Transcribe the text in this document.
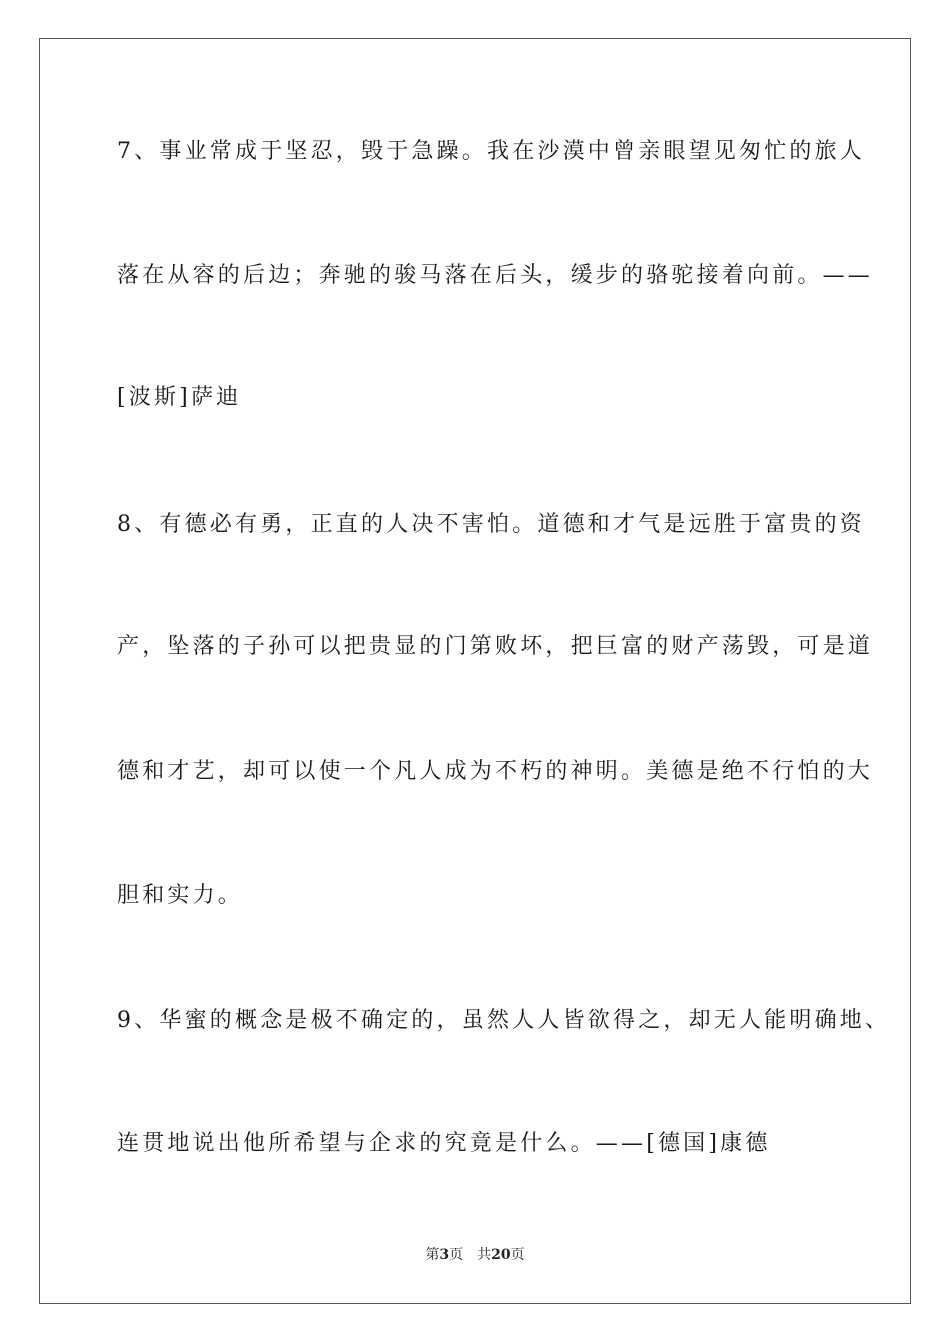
7、事业常成于坚忍，毁于急躁。我在沙漠中曾亲眼望见匆忙的旅人
落在从容的后边；奔驰的骏马落在后头，缓步的骆驼接着向前。——
[波斯]萨迪
8、有德必有勇，正直的人决不害怕。道德和才气是远胜于富贵的资
产，坠落的子孙可以把贵显的门第败坏，把巨富的财产荡毁，可是道
德和才艺，却可以使一个凡人成为不朽的神明。美德是绝不行怕的大
胆和实力。
9、华蜜的概念是极不确定的，虽然人人皆欲得之，却无人能明确地、
连贯地说出他所希望与企求的究竟是什么。——[德国]康德
第3页 共20页
